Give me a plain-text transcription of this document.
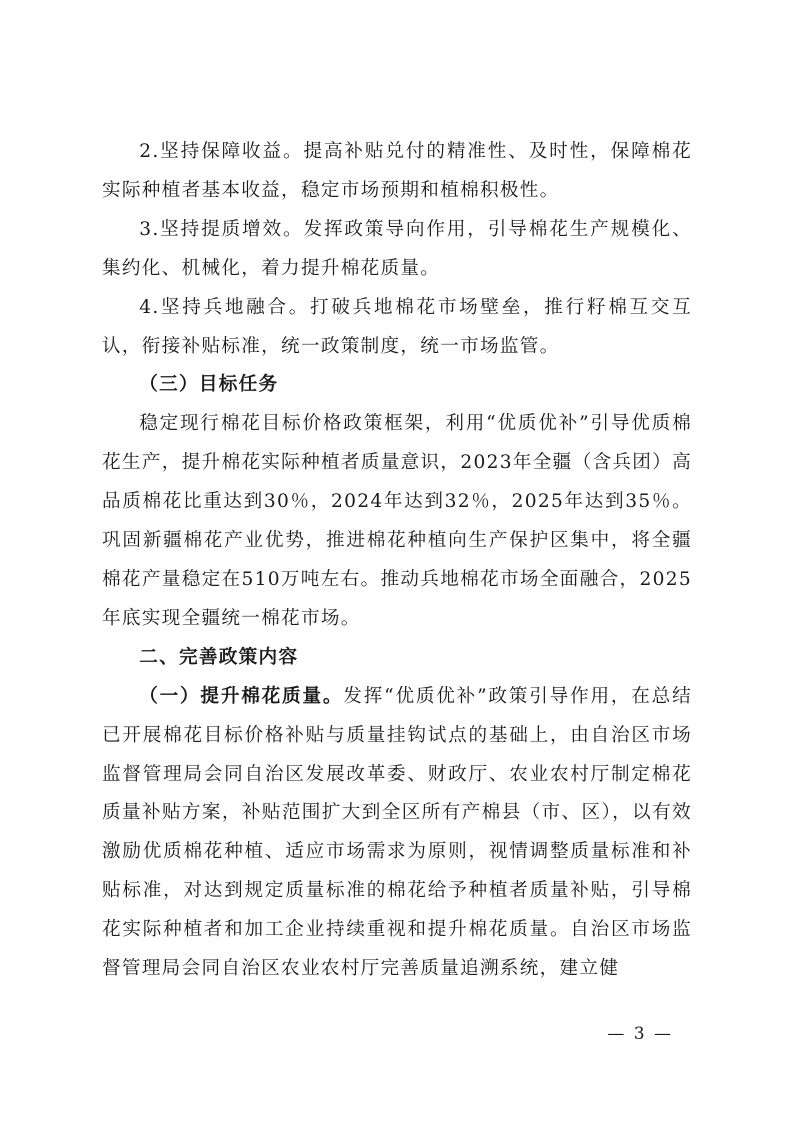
2.坚持保障收益。提高补贴兑付的精准性、及时性，保障棉花实际种植者基本收益，稳定市场预期和植棉积极性。

3.坚持提质增效。发挥政策导向作用，引导棉花生产规模化、集约化、机械化，着力提升棉花质量。

4.坚持兵地融合。打破兵地棉花市场壁垒，推行籽棉互交互认，衔接补贴标准，统一政策制度，统一市场监管。

（三）目标任务

稳定现行棉花目标价格政策框架，利用“优质优补”引导优质棉花生产，提升棉花实际种植者质量意识，2023年全疆（含兵团）高品质棉花比重达到30％，2024年达到32％，2025年达到35％。巩固新疆棉花产业优势，推进棉花种植向生产保护区集中，将全疆棉花产量稳定在510万吨左右。推动兵地棉花市场全面融合，2025年底实现全疆统一棉花市场。

二、完善政策内容

（一）提升棉花质量。发挥“优质优补”政策引导作用，在总结已开展棉花目标价格补贴与质量挂钩试点的基础上，由自治区市场监督管理局会同自治区发展改革委、财政厅、农业农村厅制定棉花质量补贴方案，补贴范围扩大到全区所有产棉县（市、区），以有效激励优质棉花种植、适应市场需求为原则，视情调整质量标准和补贴标准，对达到规定质量标准的棉花给予种植者质量补贴，引导棉花实际种植者和加工企业持续重视和提升棉花质量。自治区市场监督管理局会同自治区农业农村厅完善质量追溯系统，建立健

— 3 —
